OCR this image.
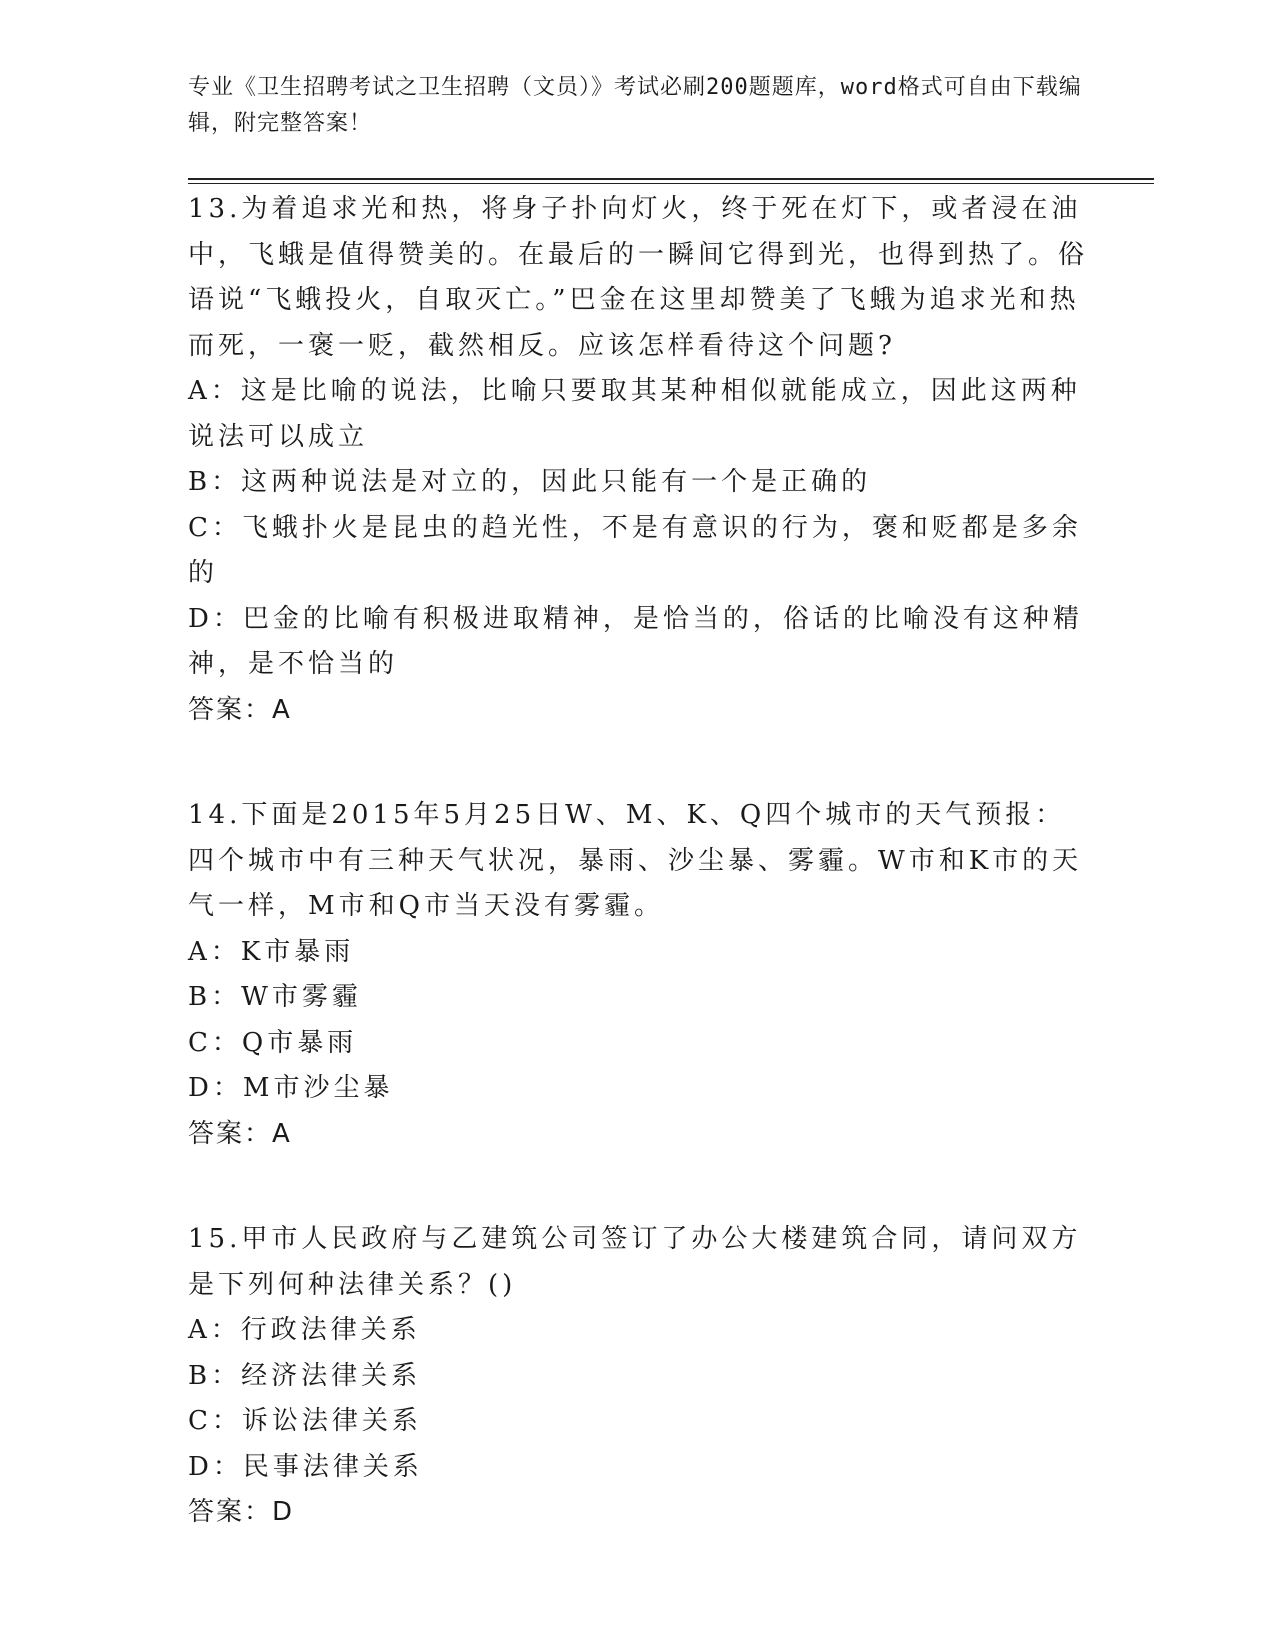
专业《卫生招聘考试之卫生招聘（文员）》考试必刷200题题库，word格式可自由下载编辑，附完整答案！

13.为着追求光和热，将身子扑向灯火，终于死在灯下，或者浸在油中，飞蛾是值得赞美的。在最后的一瞬间它得到光，也得到热了。俗语说“飞蛾投火，自取灭亡。”巴金在这里却赞美了飞蛾为追求光和热而死，一褒一贬，截然相反。应该怎样看待这个问题?

A：这是比喻的说法，比喻只要取其某种相似就能成立，因此这两种说法可以成立

B：这两种说法是对立的，因此只能有一个是正确的

C：飞蛾扑火是昆虫的趋光性，不是有意识的行为，褒和贬都是多余的

D：巴金的比喻有积极进取精神，是恰当的，俗话的比喻没有这种精神，是不恰当的

答案：A

14.下面是2015年5月25日W、M、K、Q四个城市的天气预报：四个城市中有三种天气状况，暴雨、沙尘暴、雾霾。W市和K市的天气一样，M市和Q市当天没有雾霾。

A：K市暴雨

B：W市雾霾

C：Q市暴雨

D：M市沙尘暴

答案：A

15.甲市人民政府与乙建筑公司签订了办公大楼建筑合同，请问双方是下列何种法律关系？()

A：行政法律关系

B：经济法律关系

C：诉讼法律关系

D：民事法律关系

答案：D
